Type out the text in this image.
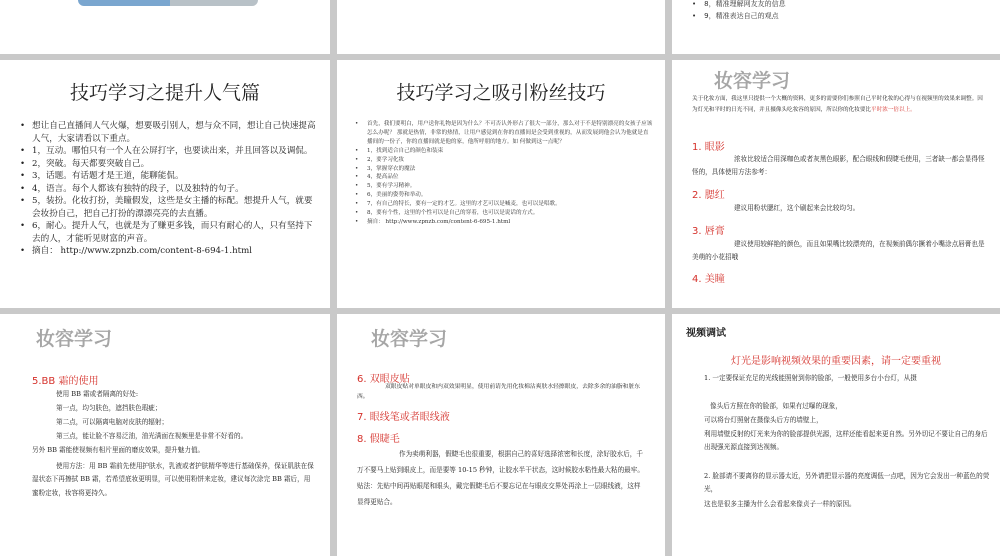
• 8，精准理解网友友的信息
• 9，精准表达自己的观点
技巧学习之提升人气篇
• 想让自己直播间人气火爆，想要吸引别人，想与众不同，想让自己快速提高人气，大家请看以下重点。
• 1，互动。哪怕只有一个人在公屏打字，也要读出来，并且回答以及调侃。
• 2，突破。每天都要突破自己。
• 3，话题。有话题才是王道，能聊能侃。
• 4，语言。每个人都该有独特的段子，以及独特的句子。
• 5，装扮。化妆打扮，美瞳假发，这些是女主播的标配。想提升人气，就要会妆扮自己，把自己打扮的漂漂亮亮的去直播。
• 6，耐心。提升人气，也就是为了赚更多钱，而只有耐心的人，只有坚持下去的人，才能听见财富的声音。
• 摘自： http://www.zpnzb.com/content-8-694-1.html
技巧学习之吸引粉丝技巧
• 首先，我们要明白，用户送你礼物是因为什么？不可否认外形占了很大一部分，那么对于不是特别漂亮的女孩子应该怎么办呢？ 那就是热情，非常的热情，让用户感觉到在你的直播间是会受到重视的，从而发展到他会认为他就是直播间的一份子，你的直播间就是他的家，他所呼朋的地方。如 何做到这一点呢？
• 1，找到适合自己的颜色和装束
• 2，要学习化妆
• 3，掌握穿衣的魔法
• 4，提高品位
• 5，要有学习精神。
• 6，美丽的姿势和举动。
• 7，有自己的特长，要有一定的才艺。这里的才艺可以是喊麦，也可以是唱歌。
• 8，要有个性，这里的个性可以是自己的穿着，也可以是说话的方式。
• 摘自： http://www.zpnzb.com/content-6-695-1.html
妆容学习
关于化妆方面，我这里只提供一个大概的资料，更多的需要你们参照自己平时化妆的心得与在视频里的效果来调整。因为灯光和平时的日光不同，并且摄像头吃妆容的原因，所以你的化妆要比平时浓一倍以上。
1. 眼影
浓妆比较适合用深咖色或者灰黑色眼影，配合眼线和假睫毛使用，三者缺一都会显得怪怪的，具体使用方法参考：
2. 腮红
建议用粉状腮红，这个刷起来会比较均匀。
3. 唇膏
建议使用较鲜艳的颜色，而且如果嘴比较漂亮的，在视频前偶尔撅着小嘴涂点唇膏也是美萌的小花招哦
4. 美瞳
妆容学习
5.BB 霜的使用
使用 BB 霜或者隔离的好处:
第一点，均匀肤色，遮挡肤色瑕疵；
第二点，可以隔离电脑对皮肤的辐射；
第三点，能让脸不容易泛油，油光满面在视频里是非常不好看的。
另外 BB 霜能使视频有相片里面的磨皮效果，提升魅力值。
使用方法：用 BB 霜前先使用护肤水，乳液或者护肤精华等进行基础保养，保证肌肤在保湿状态下再擦拭 BB 霜，若希望底妆更明显，可以使用粉饼来定妆，建议每次涂完 BB 霜后，用蜜粉定妆，妆容将更持久。
妆容学习
6. 双眼皮贴
双眼皮贴对单眼皮和内双效果明显，使用前请先用化妆棉沾爽肤水轻擦眼皮，去除多余的油脂和脏东西。
7. 眼线笔或者眼线液
8. 假睫毛
作为卖萌利器，假睫毛也很重要，根据自己的喜好选择浓密和长度，涂好胶水后，千万不要马上贴到眼皮上，而是要等 10-15 秒钟，让胶水半干状态，这时候胶水粘性最大粘的最牢。贴法：先贴中间再贴眼尾和眼头，戴完假睫毛后不要忘记在与眼皮交界处再涂上一层眼线液，这样显得更贴合。
视频调试
灯光是影响视频效果的重要因素，请一定要重视
1. 一定要保证充足的光线能照射到你的脸部，一般使用多台小台灯，从摄
像头后方照在你的脸部，如果有过曝的现象，
可以将台灯照射在摄像头后方的墙壁上，
利用墙壁反射的灯光来为你的脸部提供光源，这样还能看起来更自然。另外切记不要让自己的身后出现强光源直接到达视频。
2. 脸部请不要离你的显示器太近，另外请把显示器的亮度调低一点吧，因为它会发出一种蓝色的荧光，
这也是很多主播为什么会看起来像贞子一样的原因。
